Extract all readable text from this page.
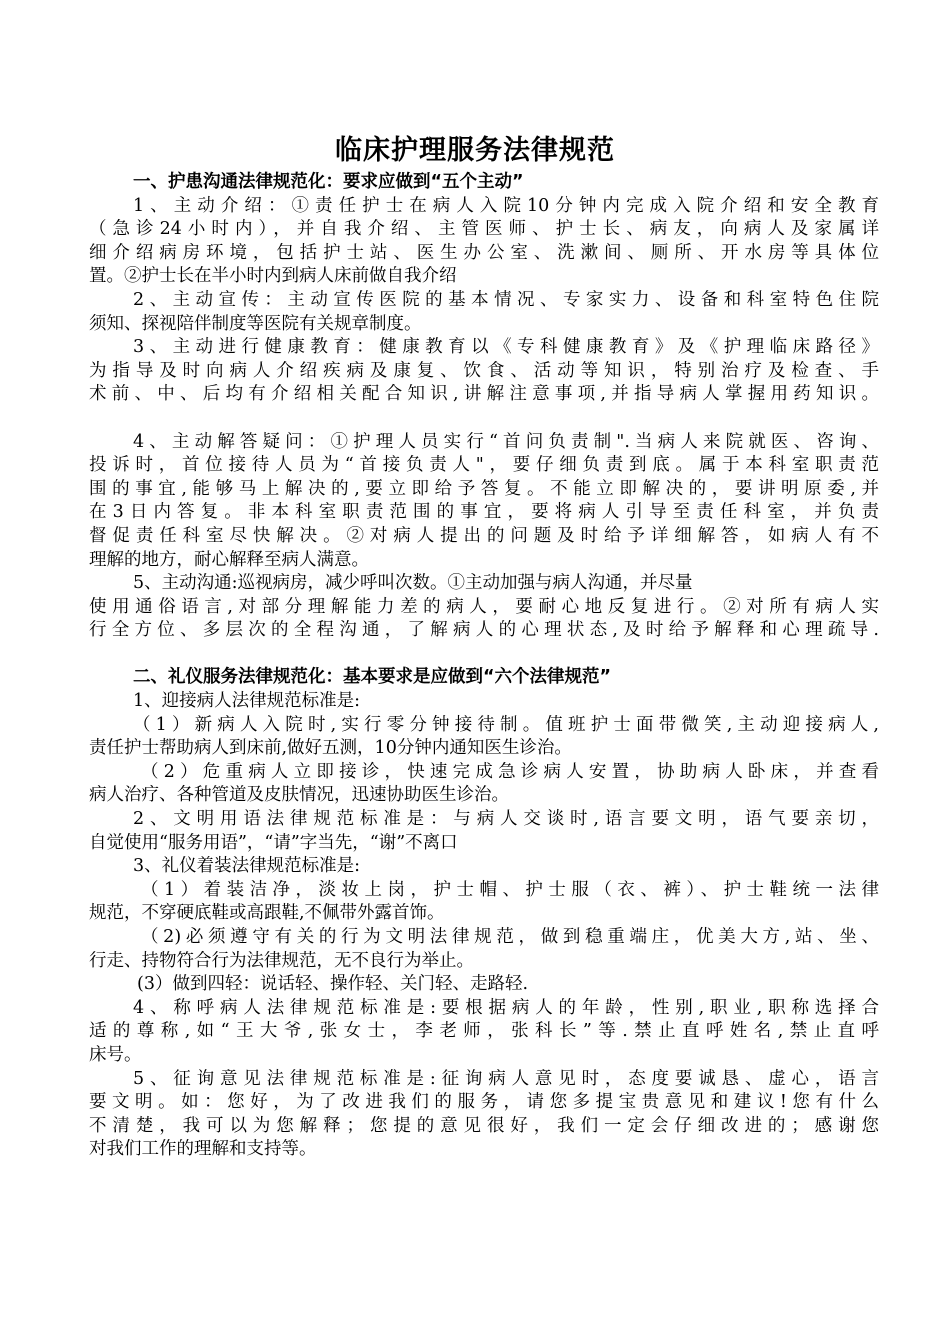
临床护理服务法律规范
一、护患沟通法律规范化：要求应做到“五个主动”
1、主动介绍：①责任护士在病人入院10分钟内完成入院介绍和安全教育
（急诊24小时内），并自我介绍、主管医师、护士长、病友，向病人及家属详
细介绍病房环境，包括护士站、医生办公室、洗漱间、厕所、开水房等具体位
置。②护士长在半小时内到病人床前做自我介绍
2、主动宣传：主动宣传医院的基本情况、专家实力、设备和科室特色住院
须知、探视陪伴制度等医院有关规章制度。
3、主动进行健康教育：健康教育以《专科健康教育》及《护理临床路径》
为指导及时向病人介绍疾病及康复、饮食、活动等知识，特别治疗及检查、手
术前、中、后均有介绍相关配合知识,讲解注意事项,并指导病人掌握用药知识。
4、主动解答疑问：①护理人员实行“首问负责制".当病人来院就医、咨询、
投诉时，首位接待人员为“首接负责人"，要仔细负责到底。属于本科室职责范
围的事宜,能够马上解决的,要立即给予答复。不能立即解决的，要讲明原委,并
在3日内答复。非本科室职责范围的事宜，要将病人引导至责任科室，并负责
督促责任科室尽快解决。②对病人提出的问题及时给予详细解答，如病人有不
理解的地方，耐心解释至病人满意。
5、主动沟通:巡视病房，减少呼叫次数。①主动加强与病人沟通，并尽量
使用通俗语言,对部分理解能力差的病人，要耐心地反复进行。②对所有病人实
行全方位、多层次的全程沟通，了解病人的心理状态,及时给予解释和心理疏导.
二、礼仪服务法律规范化：基本要求是应做到“六个法律规范”
1、迎接病人法律规范标准是:
（1）新病人入院时,实行零分钟接待制。值班护士面带微笑,主动迎接病人,
责任护士帮助病人到床前,做好五测，10分钟内通知医生诊治。
（2）危重病人立即接诊，快速完成急诊病人安置，协助病人卧床，并查看
病人治疗、各种管道及皮肤情况，迅速协助医生诊治。
2、文明用语法律规范标准是：与病人交谈时,语言要文明，语气要亲切，
自觉使用“服务用语”，“请”字当先，“谢”不离口
3、礼仪着装法律规范标准是:
（1）着装洁净，淡妆上岗，护士帽、护士服（衣、裤）、护士鞋统一法律
规范，不穿硬底鞋或高跟鞋,不佩带外露首饰。
（2)必须遵守有关的行为文明法律规范，做到稳重端庄，优美大方,站、坐、
行走、持物符合行为法律规范，无不良行为举止。
(3）做到四轻：说话轻、操作轻、关门轻、走路轻.
4、称呼病人法律规范标准是:要根据病人的年龄，性别,职业,职称选择合
适的尊称,如“王大爷,张女士，李老师，张科长”等.禁止直呼姓名,禁止直呼
床号。
5、征询意见法律规范标准是:征询病人意见时，态度要诚恳、虚心，语言
要文明。如：您好，为了改进我们的服务，请您多提宝贵意见和建议!您有什么
不清楚，我可以为您解释；您提的意见很好，我们一定会仔细改进的；感谢您
对我们工作的理解和支持等。
